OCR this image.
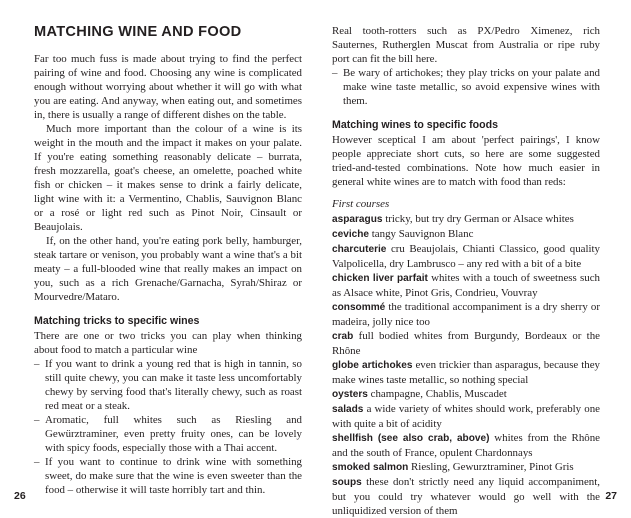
MATCHING WINE AND FOOD

Far too much fuss is made about trying to find the perfect pairing of wine and food. Choosing any wine is complicated enough without worrying about whether it will go with what you are eating. And anyway, when eating out, and sometimes in, there is usually a range of different dishes on the table.

Much more important than the colour of a wine is its weight in the mouth and the impact it makes on your palate. If you're eating something reasonably delicate – burrata, fresh mozzarella, goat's cheese, an omelette, poached white fish or chicken – it makes sense to drink a fairly delicate, light wine with it: a Vermentino, Chablis, Sauvignon Blanc or a rosé or light red such as Pinot Noir, Cinsault or Beaujolais.

If, on the other hand, you're eating pork belly, hamburger, steak tartare or venison, you probably want a wine that's a bit meaty – a full-blooded wine that really makes an impact on you, such as a rich Grenache/Garnacha, Syrah/Shiraz or Mourvedre/Mataro.

Matching tricks to specific wines

There are one or two tricks you can play when thinking about food to match a particular wine

– If you want to drink a young red that is high in tannin, so still quite chewy, you can make it taste less uncomfortably chewy by serving food that's literally chewy, such as roast red meat or a steak.
– Aromatic, full whites such as Riesling and Gewürztraminer, even pretty fruity ones, can be lovely with spicy foods, especially those with a Thai accent.
– If you want to continue to drink wine with something sweet, do make sure that the wine is even sweeter than the food – otherwise it will taste horribly tart and thin.
Real tooth-rotters such as PX/Pedro Ximenez, rich Sauternes, Rutherglen Muscat from Australia or ripe ruby port can fit the bill here.
– Be wary of artichokes; they play tricks on your palate and make wine taste metallic, so avoid expensive wines with them.
Matching wines to specific foods

However sceptical I am about 'perfect pairings', I know people appreciate short cuts, so here are some suggested tried-and-tested combinations. Note how much easier in general white wines are to match with food than reds:

First courses
asparagus tricky, but try dry German or Alsace whites
ceviche tangy Sauvignon Blanc
charcuterie cru Beaujolais, Chianti Classico, good quality Valpolicella, dry Lambrusco – any red with a bit of a bite
chicken liver parfait whites with a touch of sweetness such as Alsace white, Pinot Gris, Condrieu, Vouvray
consommé the traditional accompaniment is a dry sherry or madeira, jolly nice too
crab full bodied whites from Burgundy, Bordeaux or the Rhône
globe artichokes even trickier than asparagus, because they make wines taste metallic, so nothing special
oysters champagne, Chablis, Muscadet
salads a wide variety of whites should work, preferably one with quite a bit of acidity
shellfish (see also crab, above) whites from the Rhône and the south of France, opulent Chardonnays
smoked salmon Riesling, Gewurztraminer, Pinot Gris
soups these don't strictly need any liquid accompaniment, but you could try whatever would go well with the unliquidized version of them
26	27
